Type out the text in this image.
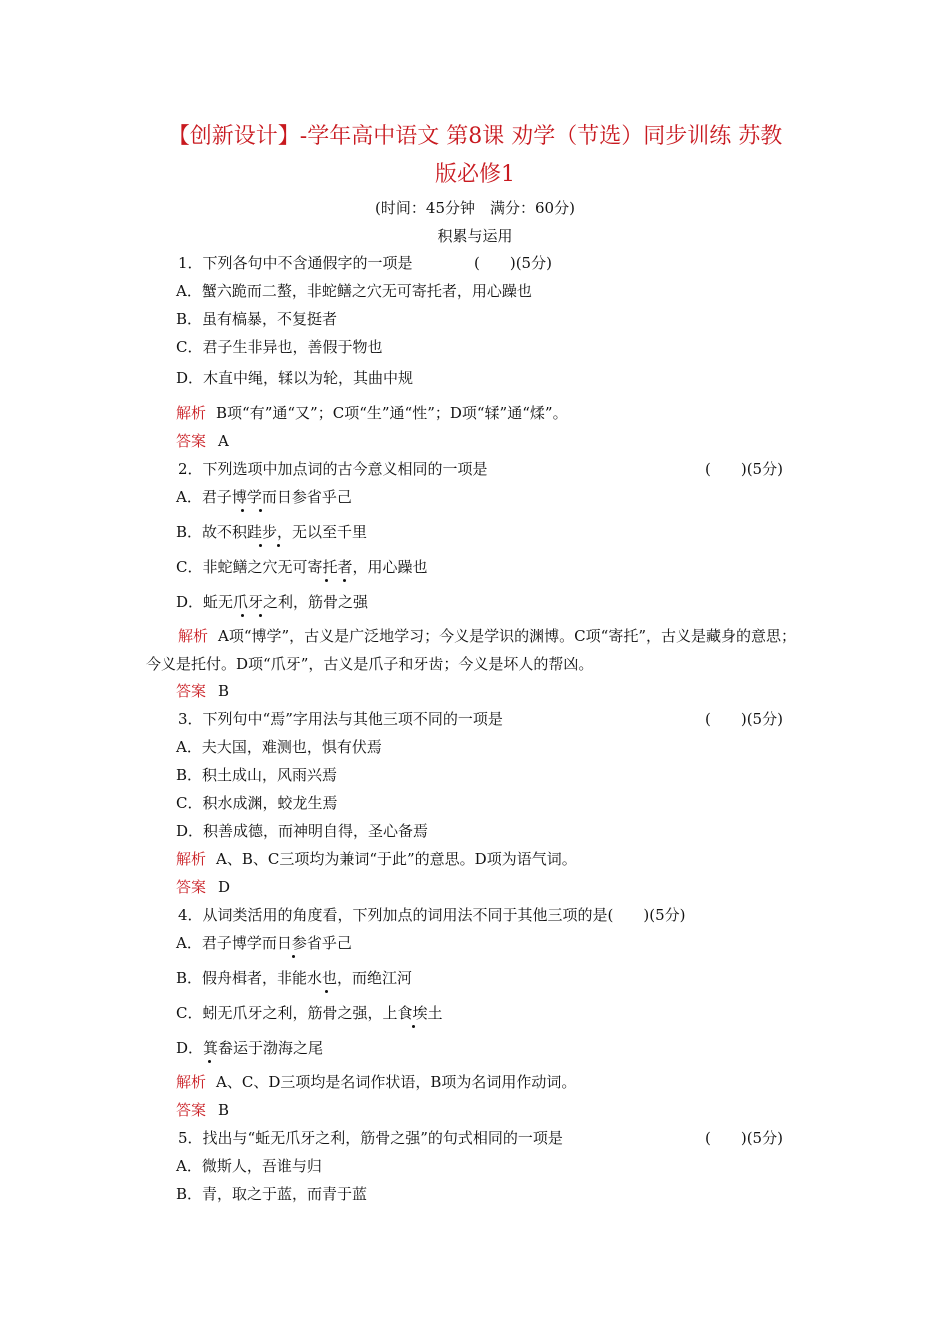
【创新设计】-学年高中语文 第8课 劝学（节选）同步训练 苏教
版必修1
(时间：45分钟　满分：60分)
积累与运用
1．下列各句中不含通假字的一项是	(　　)(5分)
A．蟹六跪而二螯，非蛇鳝之穴无可寄托者，用心躁也
B．虽有槁暴，不复挺者
C．君子生非异也，善假于物也
D．木直中绳，𫐓以为轮，其曲中规
解析 B项“有”通“又”；C项“生”通“性”；D项“𫐓”通“煣”。
答案 A
2．下列选项中加点词的古今意义相同的一项是	(　　)(5分)
A．君子博学而日参省乎己
B．故不积跬步，无以至千里
C．非蛇鳝之穴无可寄托者，用心躁也
D．蚯无爪牙之利，筋骨之强
解析 A项“博学”，古义是广泛地学习；今义是学识的渊博。C项“寄托”，古义是藏身的意思；今义是托付。D项“爪牙”，古义是爪子和牙齿；今义是坏人的帮凶。
答案 B
3．下列句中“焉”字用法与其他三项不同的一项是	(　　)(5分)
A．夫大国，难测也，惧有伏焉
B．积土成山，风雨兴焉
C．积水成渊，蛟龙生焉
D．积善成德，而神明自得，圣心备焉
解析 A、B、C三项均为兼词“于此”的意思。D项为语气词。
答案 D
4．从词类活用的角度看，下列加点的词用法不同于其他三项的是(　　)(5分)
A．君子博学而日参省乎己
B．假舟楫者，非能水也，而绝江河
C．蚓无爪牙之利，筋骨之强，上食埃土
D．箕畚运于渤海之尾
解析 A、C、D三项均是名词作状语，B项为名词用作动词。
答案 B
5．找出与“蚯无爪牙之利，筋骨之强”的句式相同的一项是	(　　)(5分)
A．微斯人，吾谁与归
B．青，取之于蓝，而青于蓝
